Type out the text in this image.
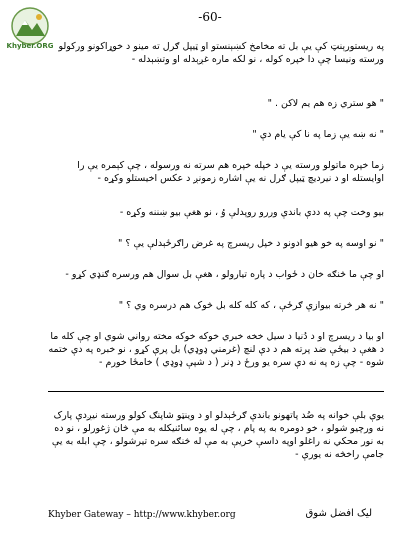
Khyber.ORG
-60-

په ريستورېنټ کې يې بل ته مخامخ کښېنستو او ټيپل ګرل ته مينو د خوړاکونو ورکولو ورسته ونيسا چې دا خپره کوله ، نو لکه ماره غږېدله او وتښېدله -

" هو ستري زه هم يم لاکن . "

" نه ښه يې زما په نا کې يام دې "

زما خپره ماتولو ورسته يې د خپله خپره هم سرته نه ورسوله ، چې کېمره يې را اوايستله او د نيرديچ ټيپل ګرل نه يې اشاره زمونږ د عکس اخيستلو وکړه -

بيو وخت چې په ددې باندې وررو روپدلې وُ ، نو هغې بيو ښننه وکړه -

" نو اوسه په خو هيو ادونو د خپل ريسرچ په غرض راګرځېدلې يې ؟ "

او چې ما څنګه خان د ځواب د پاره تيارولو ، هغې بل سوال هم ورسره ګنډي کړو -

" نه هر څرته بيوازې ګرځې ، که کله کله بل څوک هم درسره وي ؟ "

او بيا د ريسرچ او د دُنيا د سيل خخه خبري خوکه خوکه مخته رواني شوي او چې کله ما د هغې د بيځې ضد پرته هم د دې لنچ (غرمني ډوډي) بل پرې کړو ، نو خبره په دې ختمه شوه - چې زه په نه دې سره يو ورځ د ډنر ( د شپې ډوډي ) خامځا خورم -

يوې بلې خوانه په ضُد پاتهونو باندې ګرځېدلو او د وينټو شاپنګ کولو ورسته نيږدې پارک نه ورچيو شولو ، خو دومره به په پام ، چې له يوه سائنيکله به مې څان ژغورلو ، نو ده به نور محکي نه راغلو اوپه داسې خريې به مې له څنګه سره تيرشولو ، چې ابله به يې جامې راخڅه نه يورې -

Khyber Gateway – http://www.khyber.org	ليک افضل شوق
